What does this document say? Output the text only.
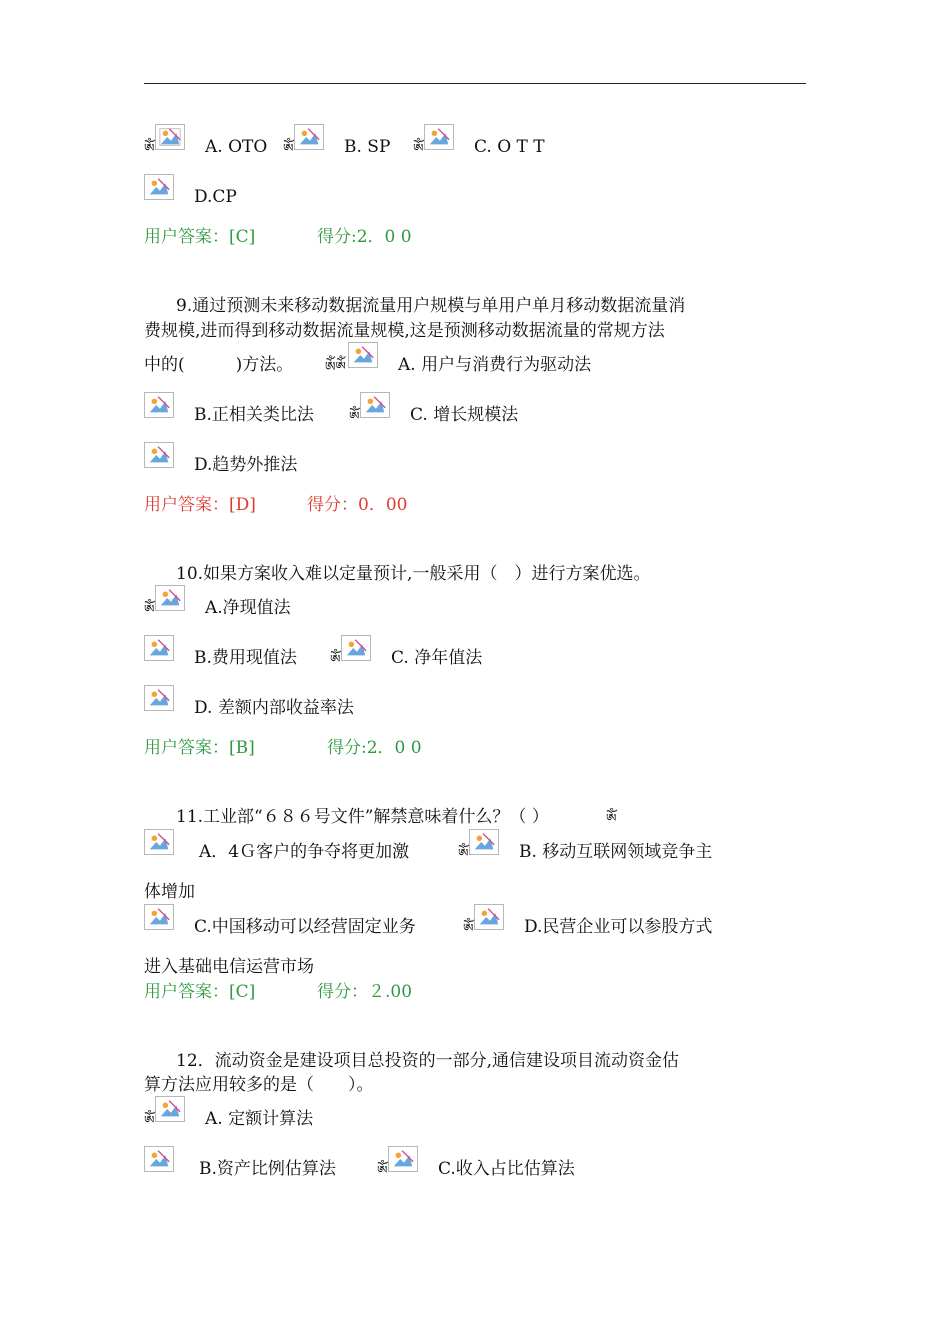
ༀ	A. OTO ༀ	B. SP ༀ	C. O T T
D.CP
用户答案：[C]	得分:2．0 0
9.通过预测未来移动数据流量用户规模与单用户单月移动数据流量消
费规模,进而得到移动数据流量规模,这是预测移动数据流量的常规方法
中的(　　　)方法。 ༀༀ	A. 用户与消费行为驱动法
B.正相关类比法	ༀ	C. 增长规模法
D.趋势外推法
用户答案：[D]	得分：0．00
10.如果方案收入难以定量预计,一般采用（　）进行方案优选。
ༀ	A.净现值法
B.费用现值法	ༀ	C. 净年值法
D. 差额内部收益率法
用户答案：[B]	得分:2．0 0
11.工业部“６８６号文件”解禁意味着什么？（ ）	ༀ
A．4Ｇ客户的争夺将更加激	ༀ	B. 移动互联网领域竞争主
体增加
C.中国移动可以经营固定业务	ༀ	D.民营企业可以参股方式
进入基础电信运营市场
用户答案：[C]	得分：２.00
12．流动资金是建设项目总投资的一部分,通信建设项目流动资金估
算方法应用较多的是（　　）。
ༀ	A. 定额计算法
B.资产比例估算法	ༀ	C.收入占比估算法
